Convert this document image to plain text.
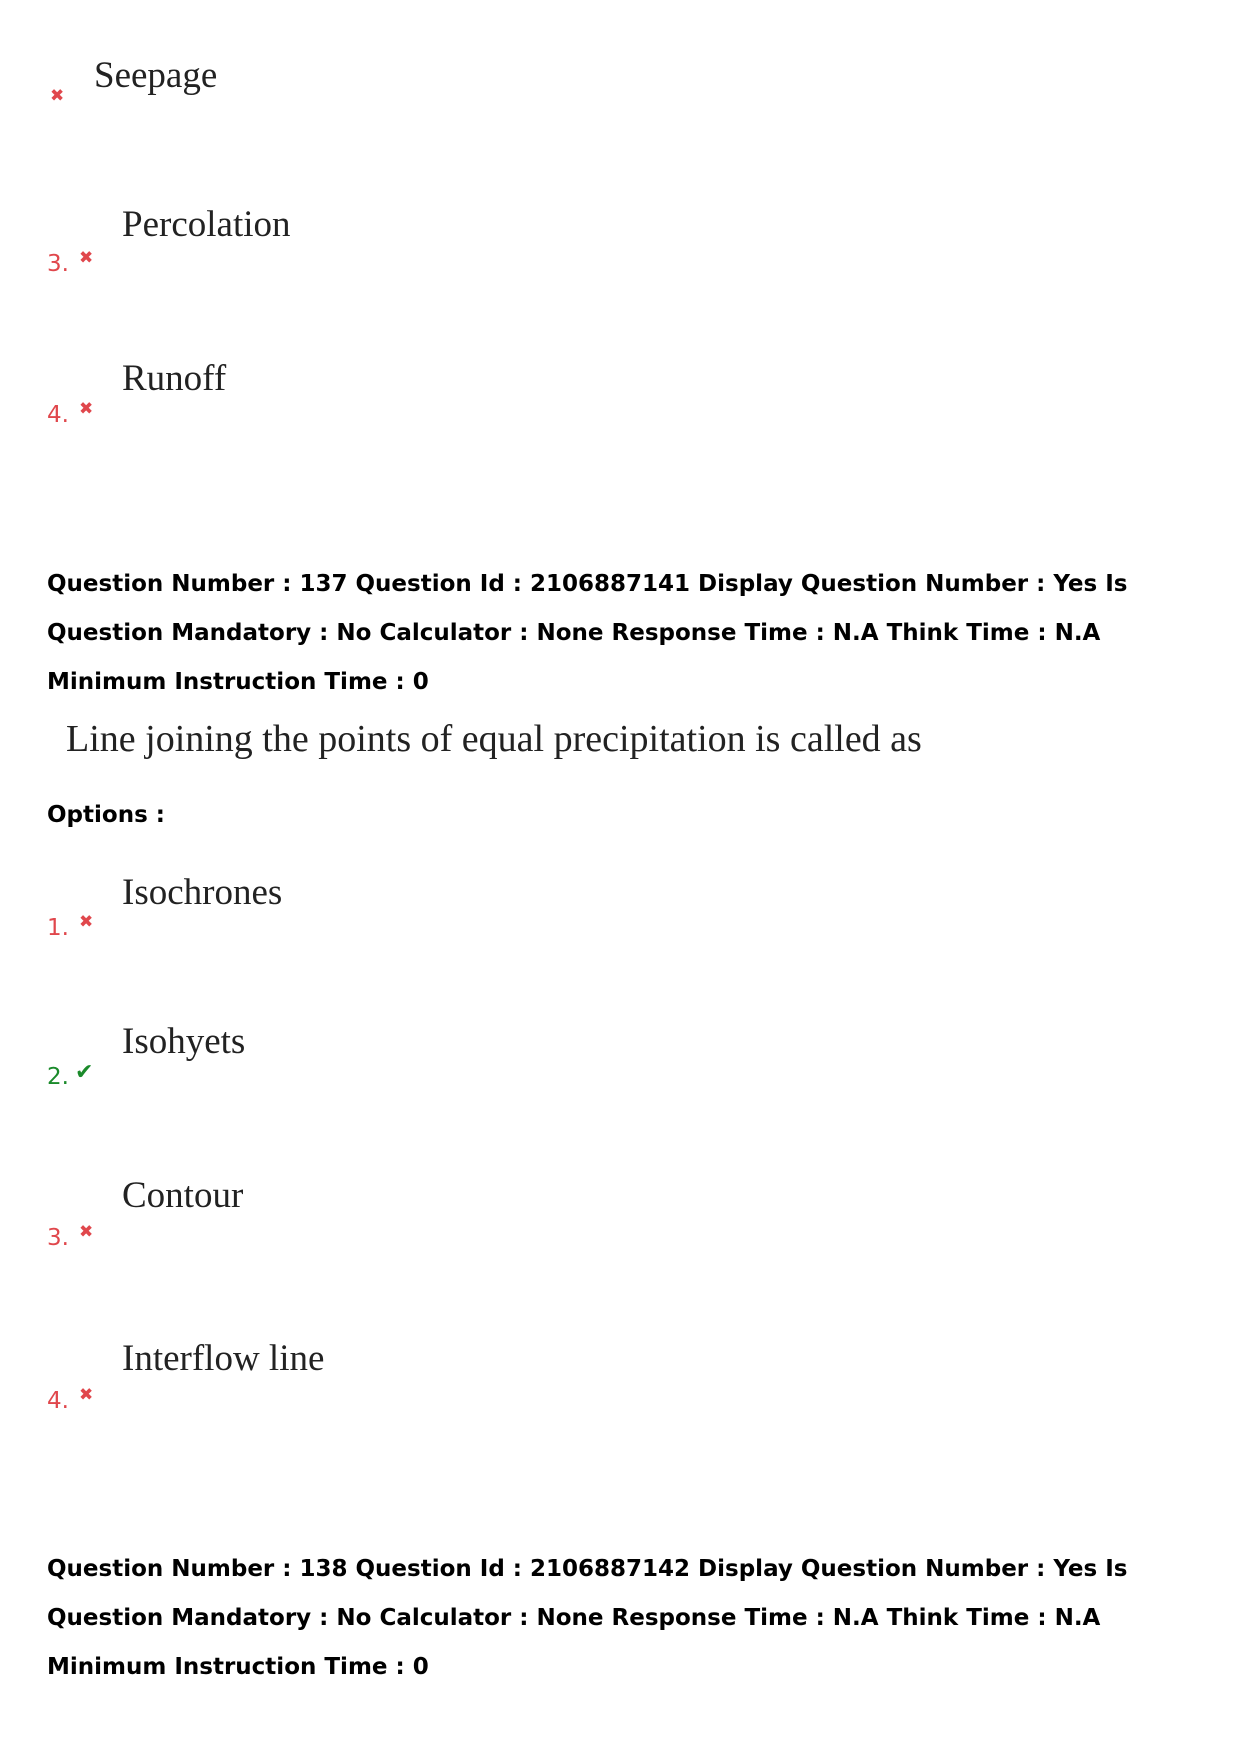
✖ Seepage
3. ✖
Percolation
4. ✖
Runoff

Question Number : 137 Question Id : 2106887141 Display Question Number : Yes Is Question Mandatory : No Calculator : None Response Time : N.A Think Time : N.A Minimum Instruction Time : 0

Line joining the points of equal precipitation is called as
Options :
1. ✖
Isochrones
2. ✔
Isohyets
3. ✖
Contour
4. ✖
Interflow line

Question Number : 138 Question Id : 2106887142 Display Question Number : Yes Is Question Mandatory : No Calculator : None Response Time : N.A Think Time : N.A Minimum Instruction Time : 0
